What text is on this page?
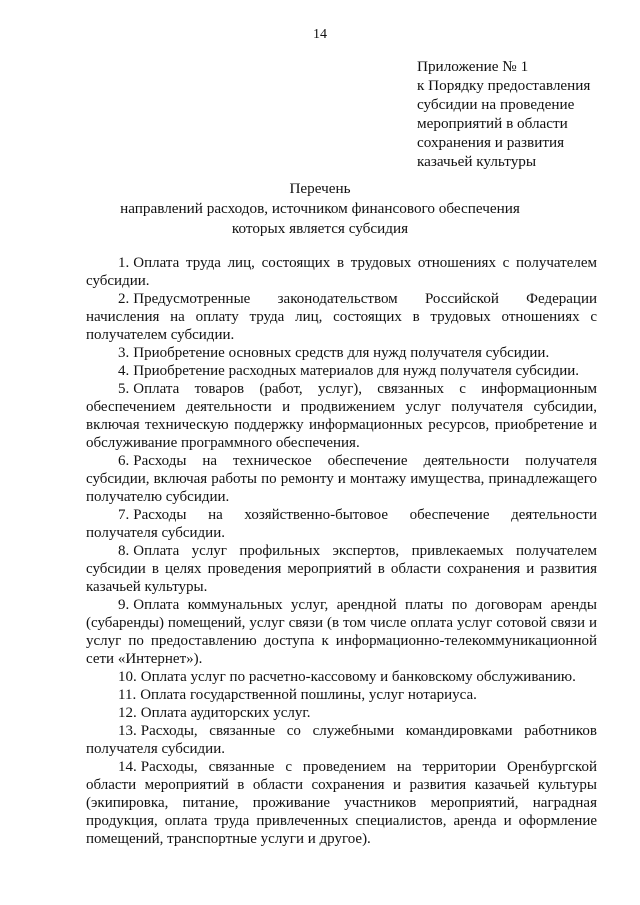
14
Приложение № 1
к Порядку предоставления
субсидии на проведение
мероприятий в области
сохранения и развития
казачьей культуры
Перечень
направлений расходов, источником финансового обеспечения
которых является субсидия

1. Оплата труда лиц, состоящих в трудовых отношениях с получателем субсидии.

2. Предусмотренные законодательством Российской Федерации начисления на оплату труда лиц, состоящих в трудовых отношениях с получателем субсидии.

3. Приобретение основных средств для нужд получателя субсидии.

4. Приобретение расходных материалов для нужд получателя субсидии.

5. Оплата товаров (работ, услуг), связанных с информационным обеспечением деятельности и продвижением услуг получателя субсидии, включая техническую поддержку информационных ресурсов, приобретение и обслуживание программного обеспечения.

6. Расходы на техническое обеспечение деятельности получателя субсидии, включая работы по ремонту и монтажу имущества, принадлежащего получателю субсидии.

7. Расходы на хозяйственно-бытовое обеспечение деятельности получателя субсидии.

8. Оплата услуг профильных экспертов, привлекаемых получателем субсидии в целях проведения мероприятий в области сохранения и развития казачьей культуры.

9. Оплата коммунальных услуг, арендной платы по договорам аренды (субаренды) помещений, услуг связи (в том числе оплата услуг сотовой связи и услуг по предоставлению доступа к информационно-телекоммуникационной сети «Интернет»).

10. Оплата услуг по расчетно-кассовому и банковскому обслуживанию.

11. Оплата государственной пошлины, услуг нотариуса.

12. Оплата аудиторских услуг.

13. Расходы, связанные со служебными командировками работников получателя субсидии.

14. Расходы, связанные с проведением на территории Оренбургской области мероприятий в области сохранения и развития казачьей культуры (экипировка, питание, проживание участников мероприятий, наградная продукция, оплата труда привлеченных специалистов, аренда и оформление помещений, транспортные услуги и другое).
